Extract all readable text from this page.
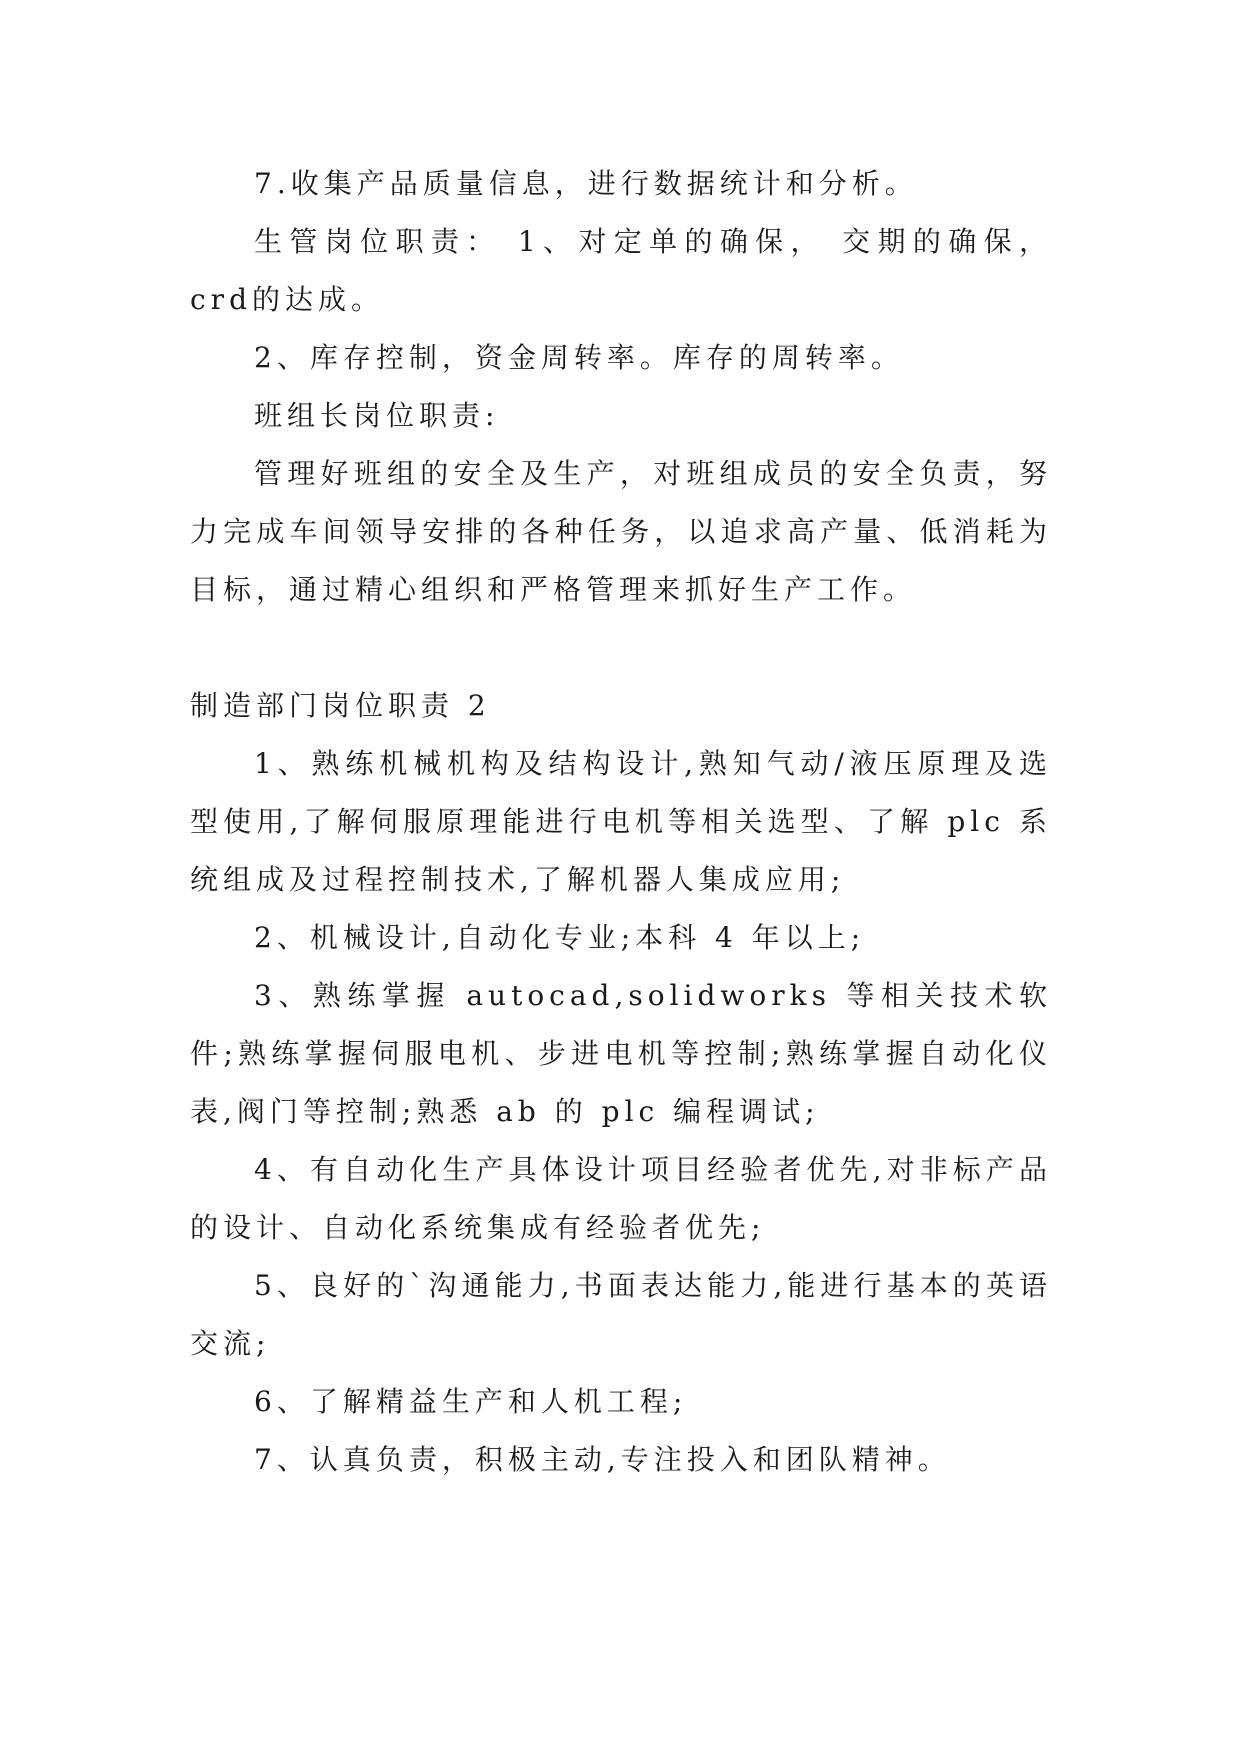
7.收集产品质量信息，进行数据统计和分析。

生管岗位职责： 1、对定单的确保， 交期的确保，crd的达成。

2、库存控制，资金周转率。库存的周转率。

班组长岗位职责:

管理好班组的安全及生产，对班组成员的安全负责，努力完成车间领导安排的各种任务，以追求高产量、低消耗为目标，通过精心组织和严格管理来抓好生产工作。

制造部门岗位职责 2

1、熟练机械机构及结构设计,熟知气动/液压原理及选型使用,了解伺服原理能进行电机等相关选型、了解 plc 系统组成及过程控制技术,了解机器人集成应用;

2、机械设计,自动化专业;本科 4 年以上;

3、熟练掌握 autocad,solidworks 等相关技术软件;熟练掌握伺服电机、步进电机等控制;熟练掌握自动化仪表,阀门等控制;熟悉 ab 的 plc 编程调试;

4、有自动化生产具体设计项目经验者优先,对非标产品的设计、自动化系统集成有经验者优先;

5、良好的`沟通能力,书面表达能力,能进行基本的英语交流;

6、了解精益生产和人机工程;

7、认真负责，积极主动,专注投入和团队精神。
